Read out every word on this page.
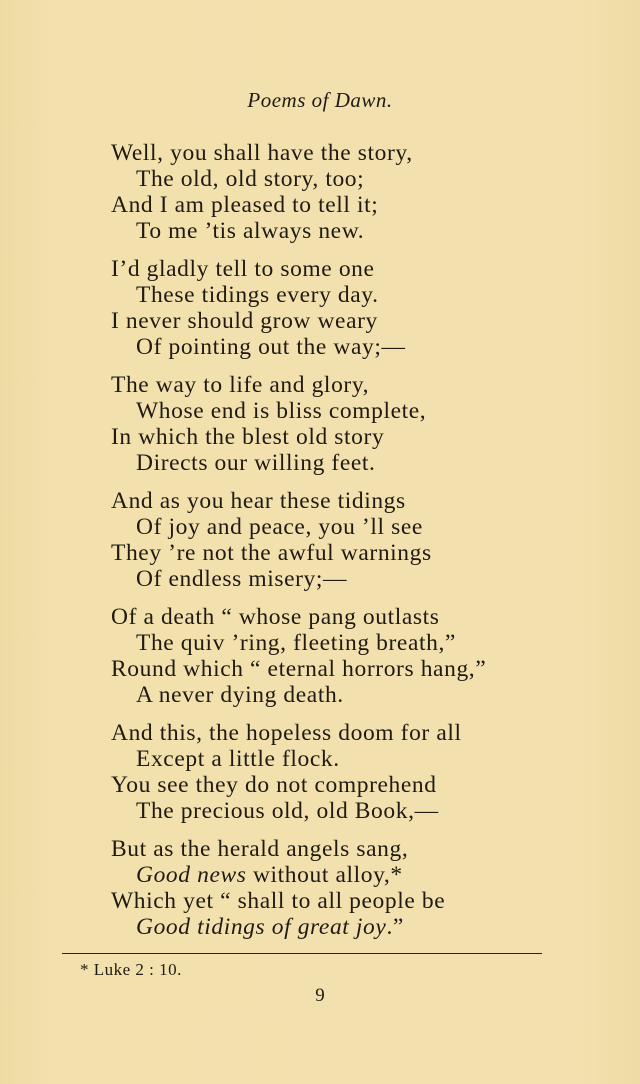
Poems of Dawn.
Well, you shall have the story,
The old, old story, too;
And I am pleased to tell it;
To me ’tis always new.
I’d gladly tell to some one
These tidings every day.
I never should grow weary
Of pointing out the way;—
The way to life and glory,
Whose end is bliss complete,
In which the blest old story
Directs our willing feet.
And as you hear these tidings
Of joy and peace, you ’ll see
They ’re not the awful warnings
Of endless misery;—
Of a death “ whose pang outlasts
The quiv ’ring, fleeting breath,”
Round which “ eternal horrors hang,”
A never dying death.
And this, the hopeless doom for all
Except a little flock.
You see they do not comprehend
The precious old, old Book,—
But as the herald angels sang,
Good news without alloy,*
Which yet “ shall to all people be
Good tidings of great joy.”
* Luke 2 : 10.
9
